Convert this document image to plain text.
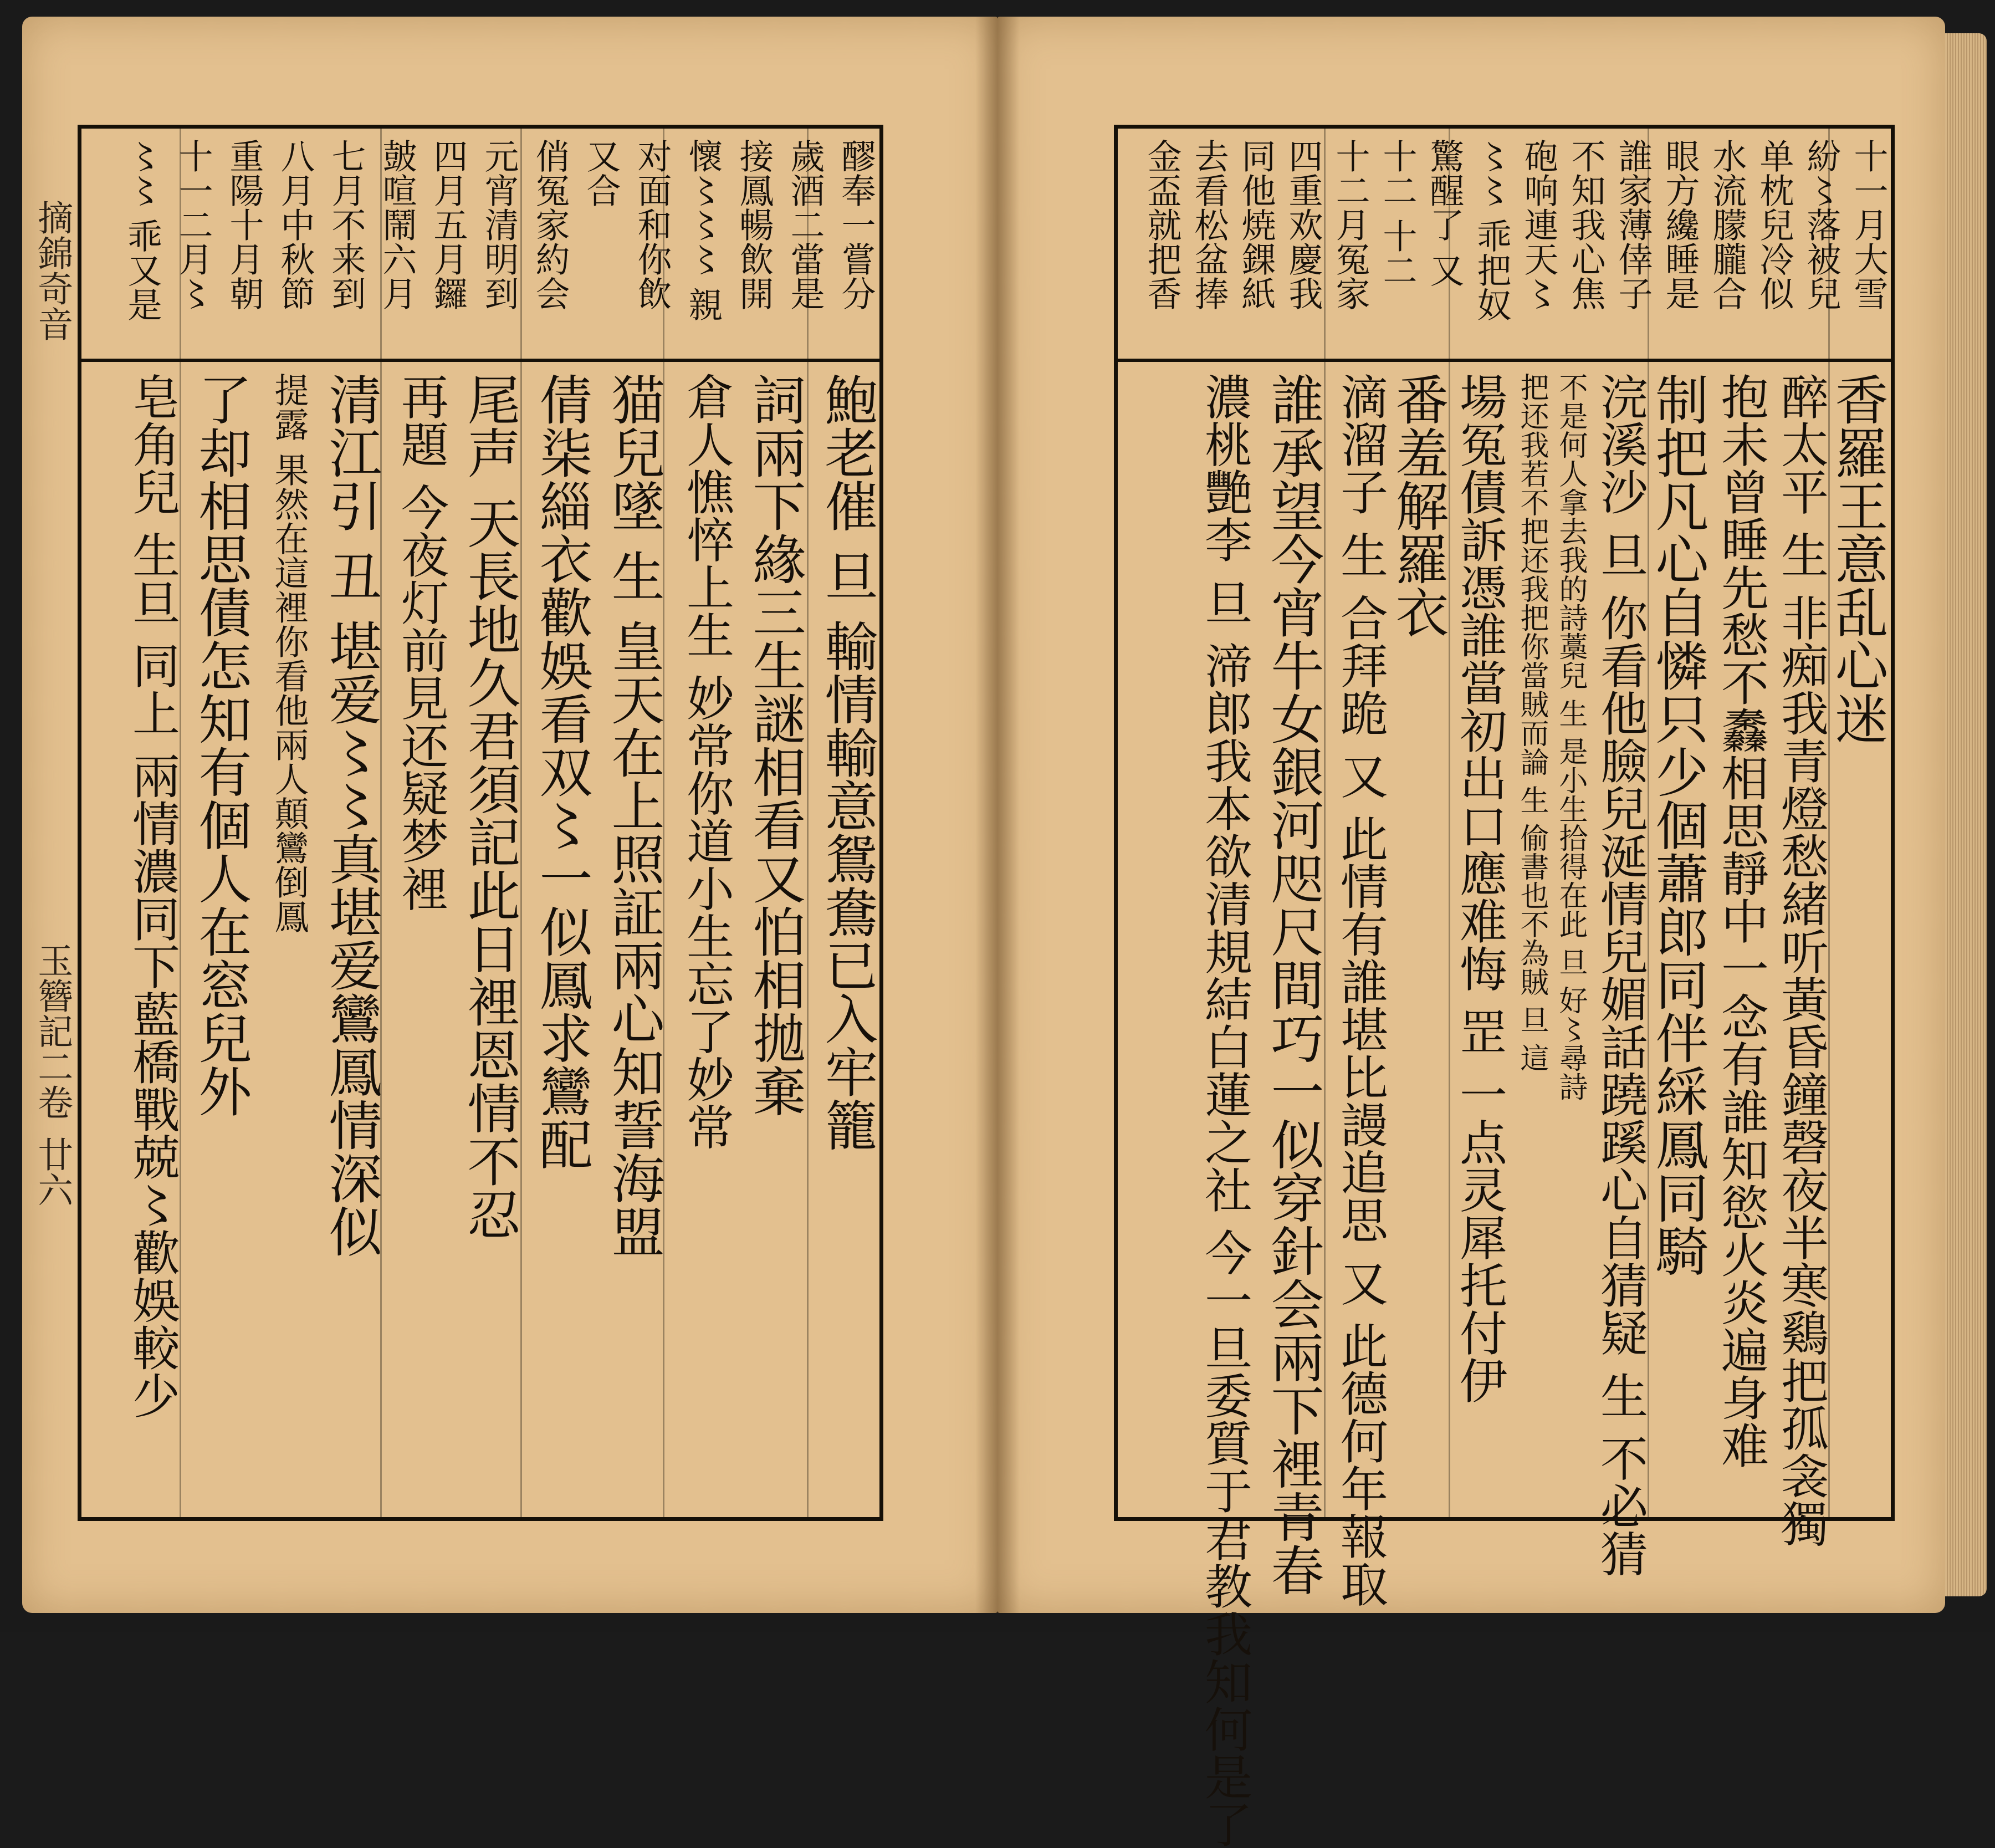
摘錦奇音
玉簪記二卷
廿六
醪奉一嘗分
歲酒二當是
接鳳暢飲開
懷〻〻〻 親
对面和你飲
又合
俏冤家約会
元宵清明到
四月五月鑼
皷喧鬧六月
七月不来到
八月中秋節
重陽十月朝
十一二月〻
〻〻 乖又是
鮑老催 旦 輸情輸意鴛鴦已入牢籠
詞兩下緣三生謎相看又怕相拋棄
倉人憔悴上生 妙常你道小生忘了妙常
猫兒墜 生 皇天在上照証兩心知誓海盟
倩柒緇衣歡娛看双〻一似鳳求鸞配
尾声 天長地久君須記此日裡恩情不忍
再題 今夜灯前見还疑梦裡
清江引 丑 堪爱〻〻真堪爱鸞鳳情深似
提露 果然在這裡你看他兩人顛鸞倒鳳
了却相思債怎知有個人在窓兒外
皂角兒 生旦 同上 兩情濃同下藍橋戰兢〻歡娛較少
十一月大雪
紛〻落被兒
单枕兒冷似
水流朦朧合
眼方纔睡是
誰家薄倖子
不知我心焦
砲响連天〻
〻〻 乖把奴
驚醒了 又
十二 十二
十二月冤家
四重欢慶我
同他焼錁紙
去看松盆捧
金盃就把香
香羅王意乱心迷
醉太平 生 非痴我青燈愁緒听黃昏鐘磬夜半寒鷄把孤衾獨
抱未曾睡先愁不䆐相思靜中一念有誰知慾火炎遍身难
制把凡心自憐只少個蕭郎同伴綵鳳同騎
浣溪沙 旦 你看他臉兒涎情兒媚話蹺蹊心自猜疑 生 不必猜
不是何人拿去我的詩藁兒 生 是小生拾得在此 旦 好〻尋詩
把还我若不把还我把你當賊而論 生 偷書也不為賊 旦 這
場冤債訴憑誰當初出口應难悔 罡 一点灵犀托付伊
番羞解羅衣
滴溜子 生 合拜跪 又 此情有誰堪比謾追思 又 此德何年報取
誰承望今宵牛女銀河咫尺間巧一似穿針会兩下裡青春
濃桃艷李 旦 渧郎我本欲清規結白蓮之社 今一旦委質于君教我知何是了
